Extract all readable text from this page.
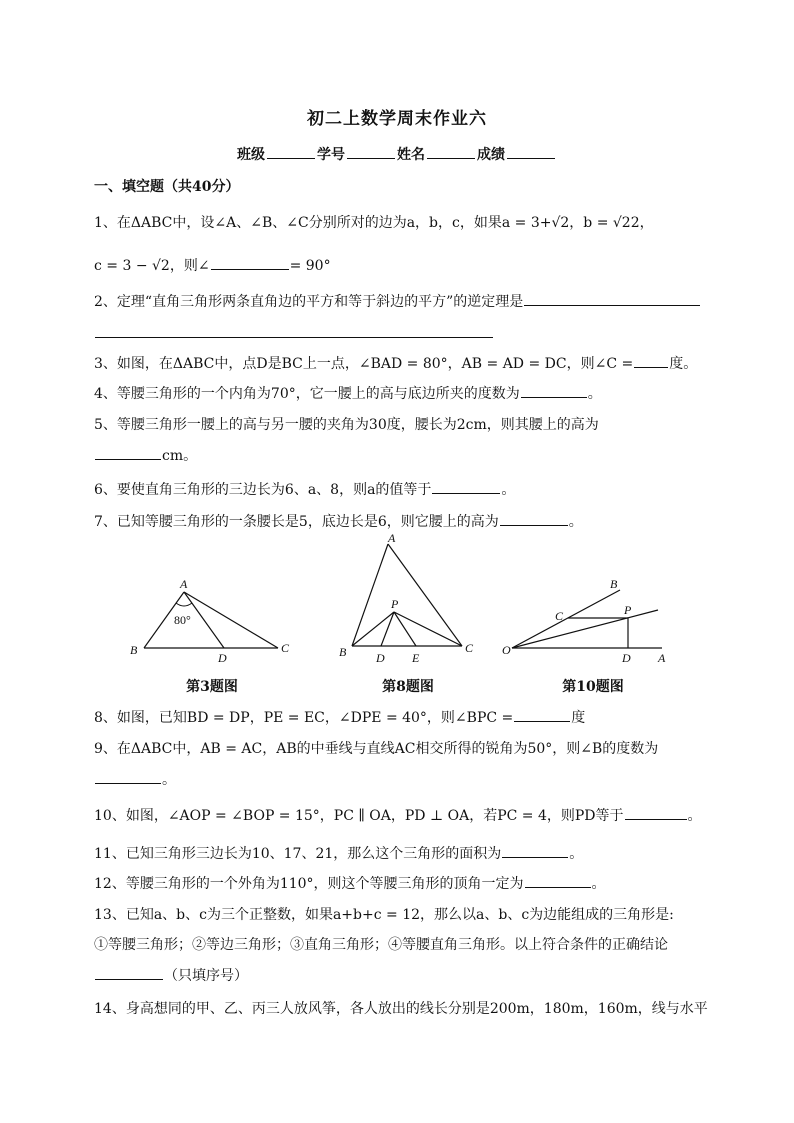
初二上数学周末作业六
班级	学号	姓名	成绩
一、填空题（共40分）
1、在ΔABC中，设∠A、∠B、∠C分别所对的边为a，b，c，如果a = 3+√2，b = √22，
c = 3 − √2，则∠	= 90°
2、定理“直角三角形两条直角边的平方和等于斜边的平方”的逆定理是
3、如图，在ΔABC中，点D是BC上一点，∠BAD = 80°，AB = AD = DC，则∠C =	度。
4、等腰三角形的一个内角为70°，它一腰上的高与底边所夹的度数为	。
5、等腰三角形一腰上的高与另一腰的夹角为30度，腰长为2cm，则其腰上的高为
cm。
6、要使直角三角形的三边长为6、a、8，则a的值等于	。
7、已知等腰三角形的一条腰长是5，底边长是6，则它腰上的高为	。
A
B	C
D
80°
第3题图
A
B	C
D E
P
第8题图
O
A
B
C
D
P
第10题图
8、如图，已知BD = DP，PE = EC，∠DPE = 40°，则∠BPC =	度
9、在ΔABC中，AB = AC，AB的中垂线与直线AC相交所得的锐角为50°，则∠B的度数为
。
10、如图，∠AOP = ∠BOP = 15°，PC ∥ OA，PD ⊥ OA，若PC = 4，则PD等于	。
11、已知三角形三边长为10、17、21，那么这个三角形的面积为	。
12、等腰三角形的一个外角为110°，则这个等腰三角形的顶角一定为	。
13、已知a、b、c为三个正整数，如果a+b+c = 12，那么以a、b、c为边能组成的三角形是:
①等腰三角形；②等边三角形；③直角三角形；④等腰直角三角形。以上符合条件的正确结论
（只填序号）
14、身高想同的甲、乙、丙三人放风筝，各人放出的线长分别是200m，180m，160m，线与水平
